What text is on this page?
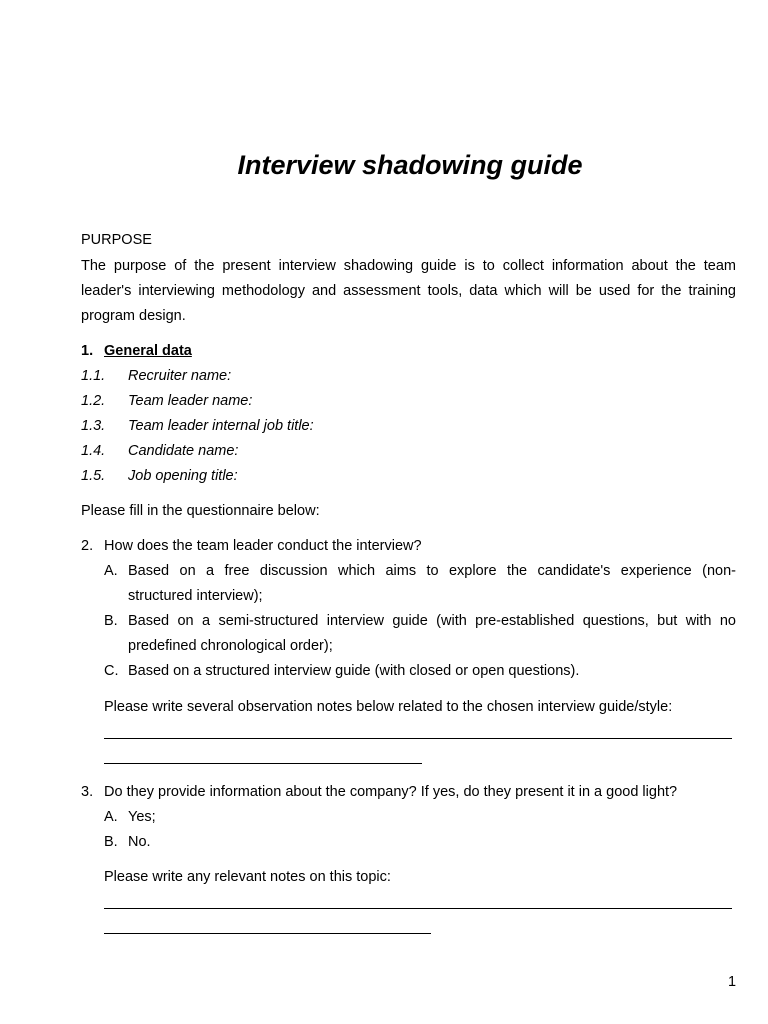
Interview shadowing guide
PURPOSE
The purpose of the present interview shadowing guide is to collect information about the team
leader's interviewing methodology and assessment tools, data which will be used for the training
program design.
1. General data
1.1. Recruiter name:
1.2. Team leader name:
1.3. Team leader internal job title:
1.4. Candidate name:
1.5. Job opening title:
Please fill in the questionnaire below:
2. How does the team leader conduct the interview?
A. Based on a free discussion which aims to explore the candidate's experience (non-
structured interview);
B. Based on a semi-structured interview guide (with pre-established questions, but with no
predefined chronological order);
C. Based on a structured interview guide (with closed or open questions).
Please write several observation notes below related to the chosen interview guide/style:
3. Do they provide information about the company? If yes, do they present it in a good light?
A. Yes;
B. No.
Please write any relevant notes on this topic:
1
